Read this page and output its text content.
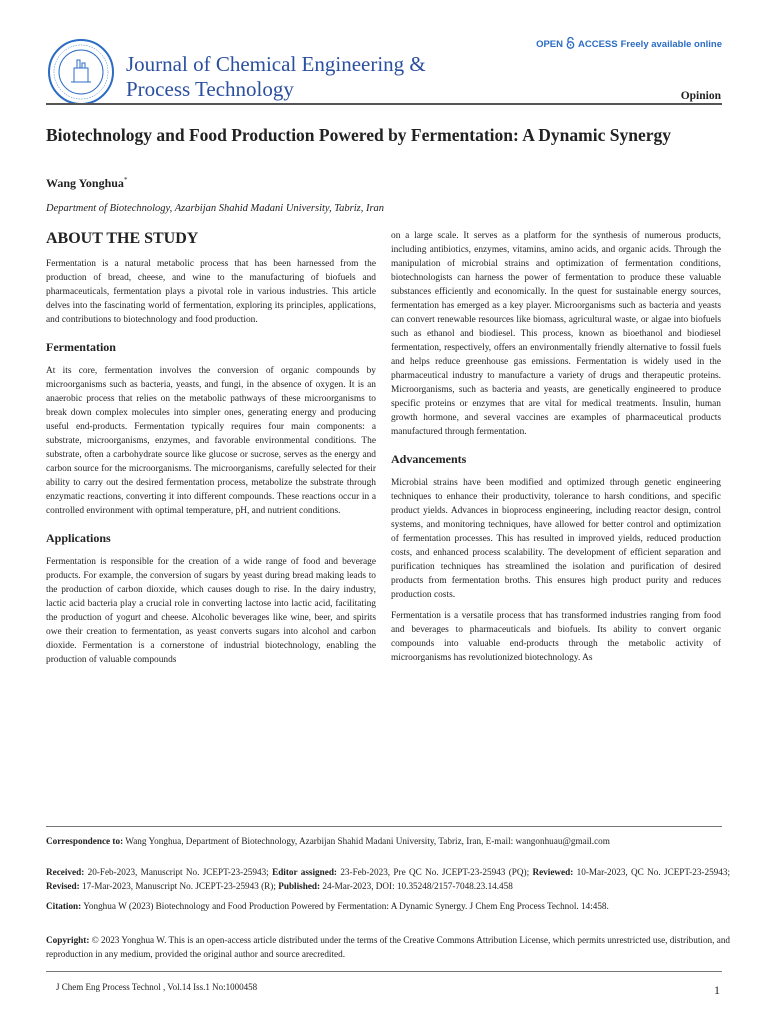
Journal of Chemical Engineering &
Process Technology
OPEN ACCESS Freely available online
Opinion
Biotechnology and Food Production Powered by Fermentation: A Dynamic Synergy
Wang Yonghua*
Department of Biotechnology, Azarbijan Shahid Madani University, Tabriz, Iran
ABOUT THE STUDY

Fermentation is a natural metabolic process that has been harnessed from the production of bread, cheese, and wine to the manufacturing of biofuels and pharmaceuticals, fermentation plays a pivotal role in various industries. This article delves into the fascinating world of fermentation, exploring its principles, applications, and contributions to biotechnology and food production.

Fermentation

At its core, fermentation involves the conversion of organic compounds by microorganisms such as bacteria, yeasts, and fungi, in the absence of oxygen. It is an anaerobic process that relies on the metabolic pathways of these microorganisms to break down complex molecules into simpler ones, generating energy and producing useful end-products. Fermentation typically requires four main components: a substrate, microorganisms, enzymes, and favorable environmental conditions. The substrate, often a carbohydrate source like glucose or sucrose, serves as the energy and carbon source for the microorganisms. The microorganisms, carefully selected for their ability to carry out the desired fermentation process, metabolize the substrate through enzymatic reactions, converting it into different compounds. These reactions occur in a controlled environment with optimal temperature, pH, and nutrient conditions.

Applications

Fermentation is responsible for the creation of a wide range of food and beverage products. For example, the conversion of sugars by yeast during bread making leads to the production of carbon dioxide, which causes dough to rise. In the dairy industry, lactic acid bacteria play a crucial role in converting lactose into lactic acid, facilitating the production of yogurt and cheese. Alcoholic beverages like wine, beer, and spirits owe their creation to fermentation, as yeast converts sugars into alcohol and carbon dioxide. Fermentation is a cornerstone of industrial biotechnology, enabling the production of valuable compounds

on a large scale. It serves as a platform for the synthesis of numerous products, including antibiotics, enzymes, vitamins, amino acids, and organic acids. Through the manipulation of microbial strains and optimization of fermentation conditions, biotechnologists can harness the power of fermentation to produce these valuable substances efficiently and economically. In the quest for sustainable energy sources, fermentation has emerged as a key player. Microorganisms such as bacteria and yeasts can convert renewable resources like biomass, agricultural waste, or algae into biofuels such as ethanol and biodiesel. This process, known as bioethanol and biodiesel fermentation, respectively, offers an environmentally friendly alternative to fossil fuels and helps reduce greenhouse gas emissions. Fermentation is widely used in the pharmaceutical industry to manufacture a variety of drugs and therapeutic proteins. Microorganisms, such as bacteria and yeasts, are genetically engineered to produce specific proteins or enzymes that are vital for medical treatments. Insulin, human growth hormone, and several vaccines are examples of pharmaceutical products manufactured through fermentation.

Advancements

Microbial strains have been modified and optimized through genetic engineering techniques to enhance their productivity, tolerance to harsh conditions, and specific product yields. Advances in bioprocess engineering, including reactor design, control systems, and monitoring techniques, have allowed for better control and optimization of fermentation processes. This has resulted in improved yields, reduced production costs, and enhanced process scalability. The development of efficient separation and purification techniques has streamlined the isolation and purification of desired products from fermentation broths. This ensures high product purity and reduces production costs.

Fermentation is a versatile process that has transformed industries ranging from food and beverages to pharmaceuticals and biofuels. Its ability to convert organic compounds into valuable end-products through the metabolic activity of microorganisms has revolutionized biotechnology. As

Correspondence to: Wang Yonghua, Department of Biotechnology, Azarbijan Shahid Madani University, Tabriz, Iran, E-mail: wangonhuau@gmail.com
Received: 20-Feb-2023, Manuscript No. JCEPT-23-25943; Editor assigned: 23-Feb-2023, Pre QC No. JCEPT-23-25943 (PQ); Reviewed: 10-Mar-2023, QC No. JCEPT-23-25943; Revised: 17-Mar-2023, Manuscript No. JCEPT-23-25943 (R); Published: 24-Mar-2023, DOI: 10.35248/2157-7048.23.14.458
Citation: Yonghua W (2023) Biotechnology and Food Production Powered by Fermentation: A Dynamic Synergy. J Chem Eng Process Technol. 14:458.
Copyright: © 2023 Yonghua W. This is an open-access article distributed under the terms of the Creative Commons Attribution License, which permits unrestricted use, distribution, and reproduction in any medium, provided the original author and source arecredited.
J Chem Eng Process Technol , Vol.14 Iss.1 No:1000458	1
